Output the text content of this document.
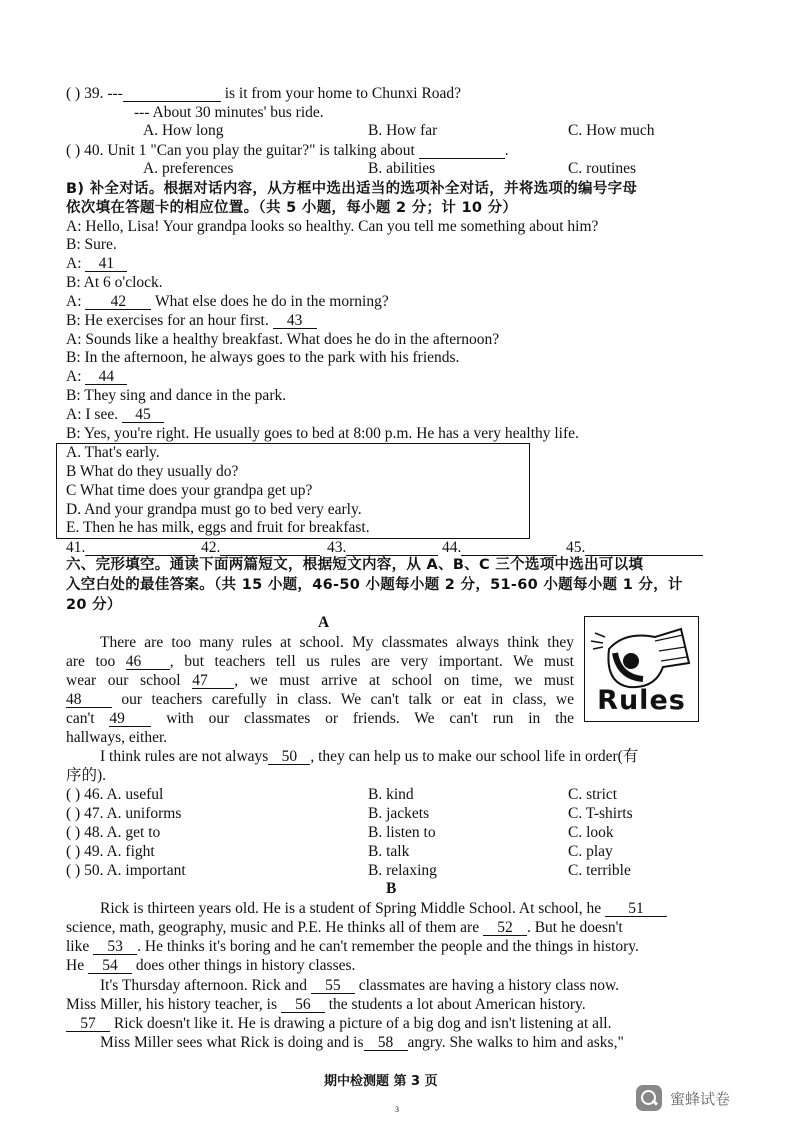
( ) 39. ---	is it from your home to Chunxi Road?
--- About 30 minutes' bus ride.
A. How long	B. How far	C. How much
( ) 40. Unit 1 "Can you play the guitar?" is talking about	.
A. preferences	B. abilities	C. routines
B) 补全对话。根据对话内容，从方框中选出适当的选项补全对话，并将选项的编号字母
依次填在答题卡的相应位置。（共 5 小题，每小题 2 分；计 10 分）
A: Hello, Lisa! Your grandpa looks so healthy. Can you tell me something about him?
B: Sure.
A: 41
B: At 6 o'clock.
A: 42 What else does he do in the morning?
B: He exercises for an hour first. 43
A: Sounds like a healthy breakfast. What does he do in the afternoon?
B: In the afternoon, he always goes to the park with his friends.
A: 44
B: They sing and dance in the park.
A: I see. 45
B: Yes, you're right. He usually goes to bed at 8:00 p.m. He has a very healthy life.
A. That's early.
B What do they usually do?
C What time does your grandpa get up?
D. And your grandpa must go to bed very early.
E. Then he has milk, eggs and fruit for breakfast.
41.	42.	43.	44.	45.
六、完形填空。通读下面两篇短文，根据短文内容，从 A、B、C 三个选项中选出可以填
入空白处的最佳答案。（共 15 小题，46-50 小题每小题 2 分，51-60 小题每小题 1 分，计
20 分）
A
There are too many rules at school. My classmates always think they
are too 46 , but teachers tell us rules are very important. We must
wear our school 47 , we must arrive at school on time, we must
48 our teachers carefully in class. We can't talk or eat in class, we
can't 49 with our classmates or friends. We can't run in the
hallways, either.
I think rules are not always 50 , they can help us to make our school life in order(有
序的).
Rules
( ) 46. A. useful	B. kind	C. strict
( ) 47. A. uniforms	B. jackets	C. T-shirts
( ) 48. A. get to	B. listen to	C. look
( ) 49. A. fight	B. talk	C. play
( ) 50. A. important	B. relaxing	C. terrible
B
Rick is thirteen years old. He is a student of Spring Middle School. At school, he 51
science, math, geography, music and P.E. He thinks all of them are 52 . But he doesn't
like 53 . He thinks it's boring and he can't remember the people and the things in history.
He 54 does other things in history classes.
It's Thursday afternoon. Rick and 55 classmates are having a history class now.
Miss Miller, his history teacher, is 56 the students a lot about American history.
57 Rick doesn't like it. He is drawing a picture of a big dog and isn't listening at all.
Miss Miller sees what Rick is doing and is 58 angry. She walks to him and asks,"
期中检测题 第 3 页
3
蜜蜂试卷
